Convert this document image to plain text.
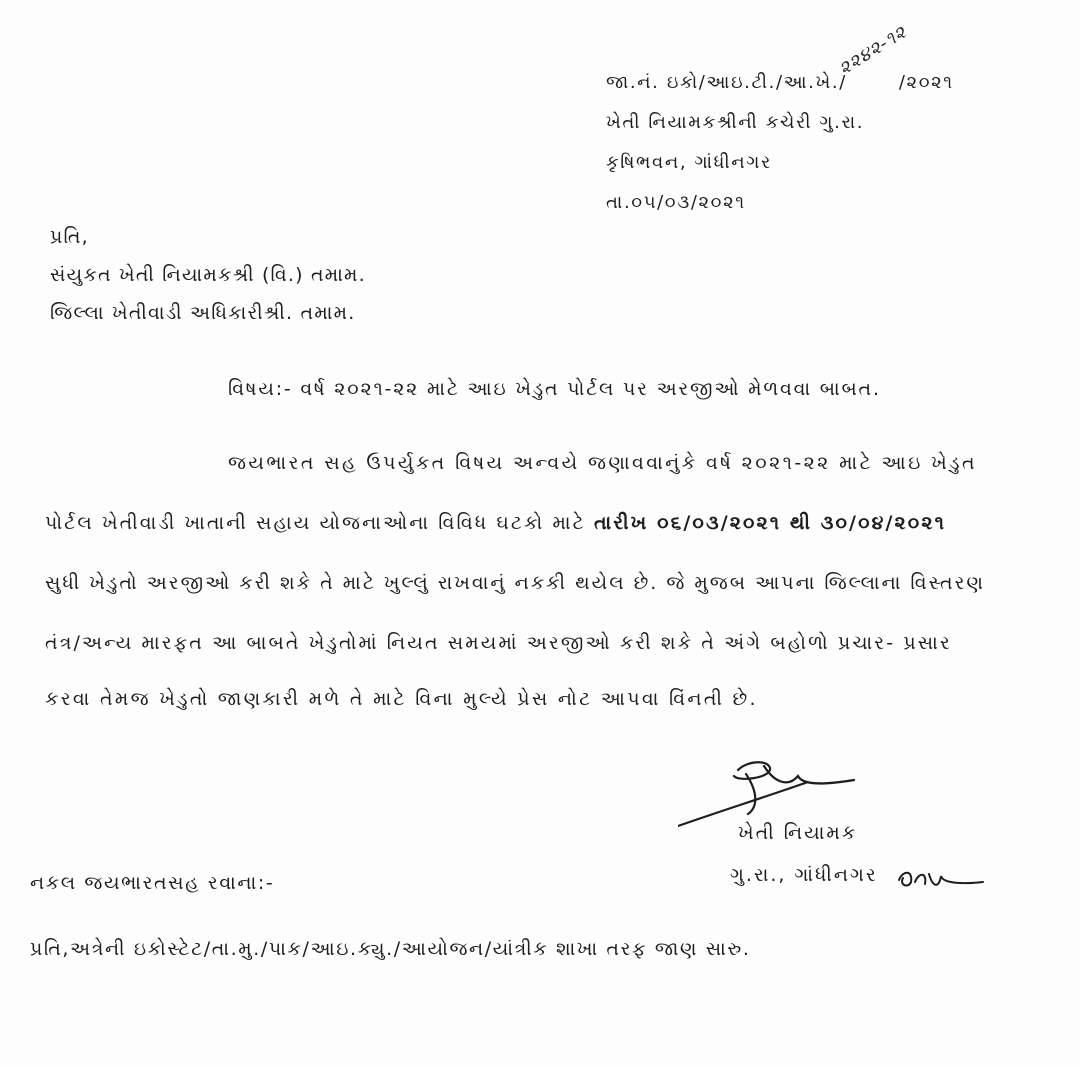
જા.નં. ઇકો/આઇ.ટી./આ.ખે./	/૨૦૨૧
૨૨૪૨-૧૨
ખેતી નિયામકશ્રીની કચેરી ગુ.રા.
કૃષિભવન, ગાંધીનગર
તા.૦૫/૦૩/૨૦૨૧
પ્રતિ,
સંયુકત ખેતી નિયામકશ્રી (વિ.) તમામ.
જિલ્લા ખેતીવાડી અધિકારીશ્રી. તમામ.
વિષય:- વર્ષ ૨૦૨૧-૨૨ માટે આઇ ખેડુત પોર્ટલ પર અરજીઓ મેળવવા બાબત.
જયભારત સહ ઉપર્યુકત વિષય અન્વયે જણાવવાનુંકે વર્ષ ૨૦૨૧-૨૨ માટે આઇ ખેડુત
પોર્ટલ ખેતીવાડી ખાતાની સહાય યોજનાઓના વિવિધ ઘટકો માટે તારીખ ૦૬/૦૩/૨૦૨૧ થી ૩૦/૦૪/૨૦૨૧
સુધી ખેડુતો અરજીઓ કરી શકે તે માટે ખુલ્લું રાખવાનું નકકી થયેલ છે. જે મુજબ આપના જિલ્લાના વિસ્તરણ
તંત્ર/અન્ય મારફત આ બાબતે ખેડુતોમાં નિયત સમયમાં અરજીઓ કરી શકે તે અંગે બહોળો પ્રચાર- પ્રસાર
કરવા તેમજ ખેડુતો જાણકારી મળે તે માટે વિના મુલ્યે પ્રેસ નોટ આપવા વિંનતી છે.
ખેતી નિયામક
ગુ.રા., ગાંધીનગર
નકલ જયભારતસહ રવાના:-
પ્રતિ,અત્રેની ઇકોસ્ટેટ/તા.મુ./પાક/આઇ.ક્યુ./આયોજન/યાંત્રીક શાખા તરફ જાણ સારુ.
